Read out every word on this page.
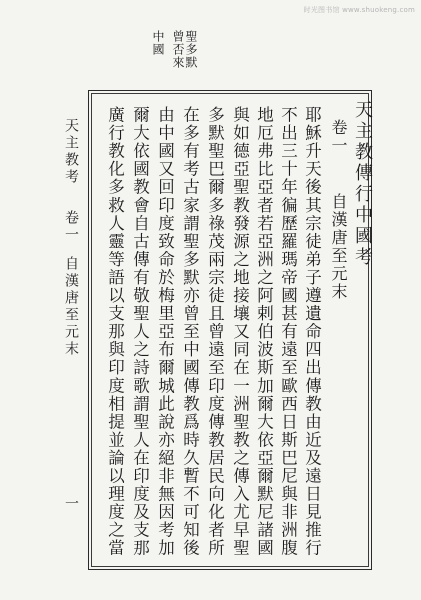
时光图书馆 www.shuokeng.com
聖多默
曾否來
中國
天主教傳行中國考
卷一
自漢唐至元末
耶穌升天後其宗徒弟子遵遺命四出傳教由近及遠日見推行
不出三十年徧歷羅瑪帝國甚有遠至歐西日斯巴尼與非洲腹
地厄弗比亞者若亞洲之阿剌伯波斯加爾大依亞爾默尼諸國
與如德亞聖教發源之地接壤又同在一洲聖教之傳入尤早聖
多默聖巴爾多祿茂兩宗徒且曾遠至印度傳教居民向化者所
在多有考古家謂聖多默亦曾至中國傳教爲時久暫不可知後
由中國又回印度致命於梅里亞布爾城此說亦絕非無因考加
爾大依國教會自古傳有敬聖人之詩歌謂聖人在印度及支那
廣行教化多救人靈等語以支那與印度相提並論以理度之當
天主教考
卷一
自漢唐至元末
一
